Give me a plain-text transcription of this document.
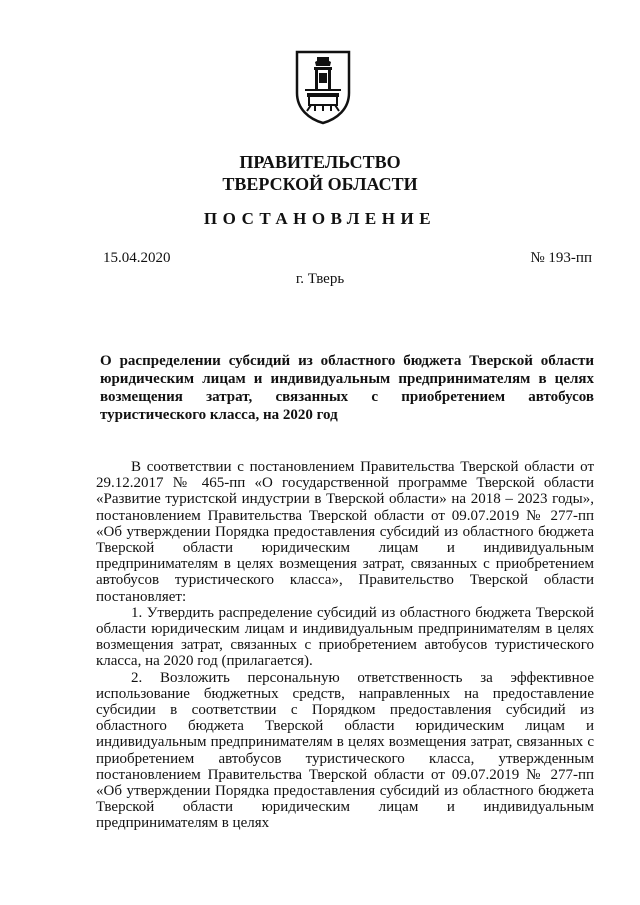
ПРАВИТЕЛЬСТВО
ТВЕРСКОЙ ОБЛАСТИ
ПОСТАНОВЛЕНИЕ
15.04.2020	№ 193-пп
г. Тверь
О распределении субсидий из областного бюджета Тверской области юридическим лицам и индивидуальным предпринимателям в целях возмещения затрат, связанных с приобретением автобусов туристического класса, на 2020 год

В соответствии с постановлением Правительства Тверской области от 29.12.2017 № 465-пп «О государственной программе Тверской области «Развитие туристской индустрии в Тверской области» на 2018 – 2023 годы», постановлением Правительства Тверской области от 09.07.2019 № 277-пп «Об утверждении Порядка предоставления субсидий из областного бюджета Тверской области юридическим лицам и индивидуальным предпринимателям в целях возмещения затрат, связанных с приобретением автобусов туристического класса», Правительство Тверской области постановляет:

1. Утвердить распределение субсидий из областного бюджета Тверской области юридическим лицам и индивидуальным предпринимателям в целях возмещения затрат, связанных с приобретением автобусов туристического класса, на 2020 год (прилагается).

2. Возложить персональную ответственность за эффективное использование бюджетных средств, направленных на предоставление субсидии в соответствии с Порядком предоставления субсидий из областного бюджета Тверской области юридическим лицам и индивидуальным предпринимателям в целях возмещения затрат, связанных с приобретением автобусов туристического класса, утвержденным постановлением Правительства Тверской области от 09.07.2019 № 277-пп «Об утверждении Порядка предоставления субсидий из областного бюджета Тверской области юридическим лицам и индивидуальным предпринимателям в целях
